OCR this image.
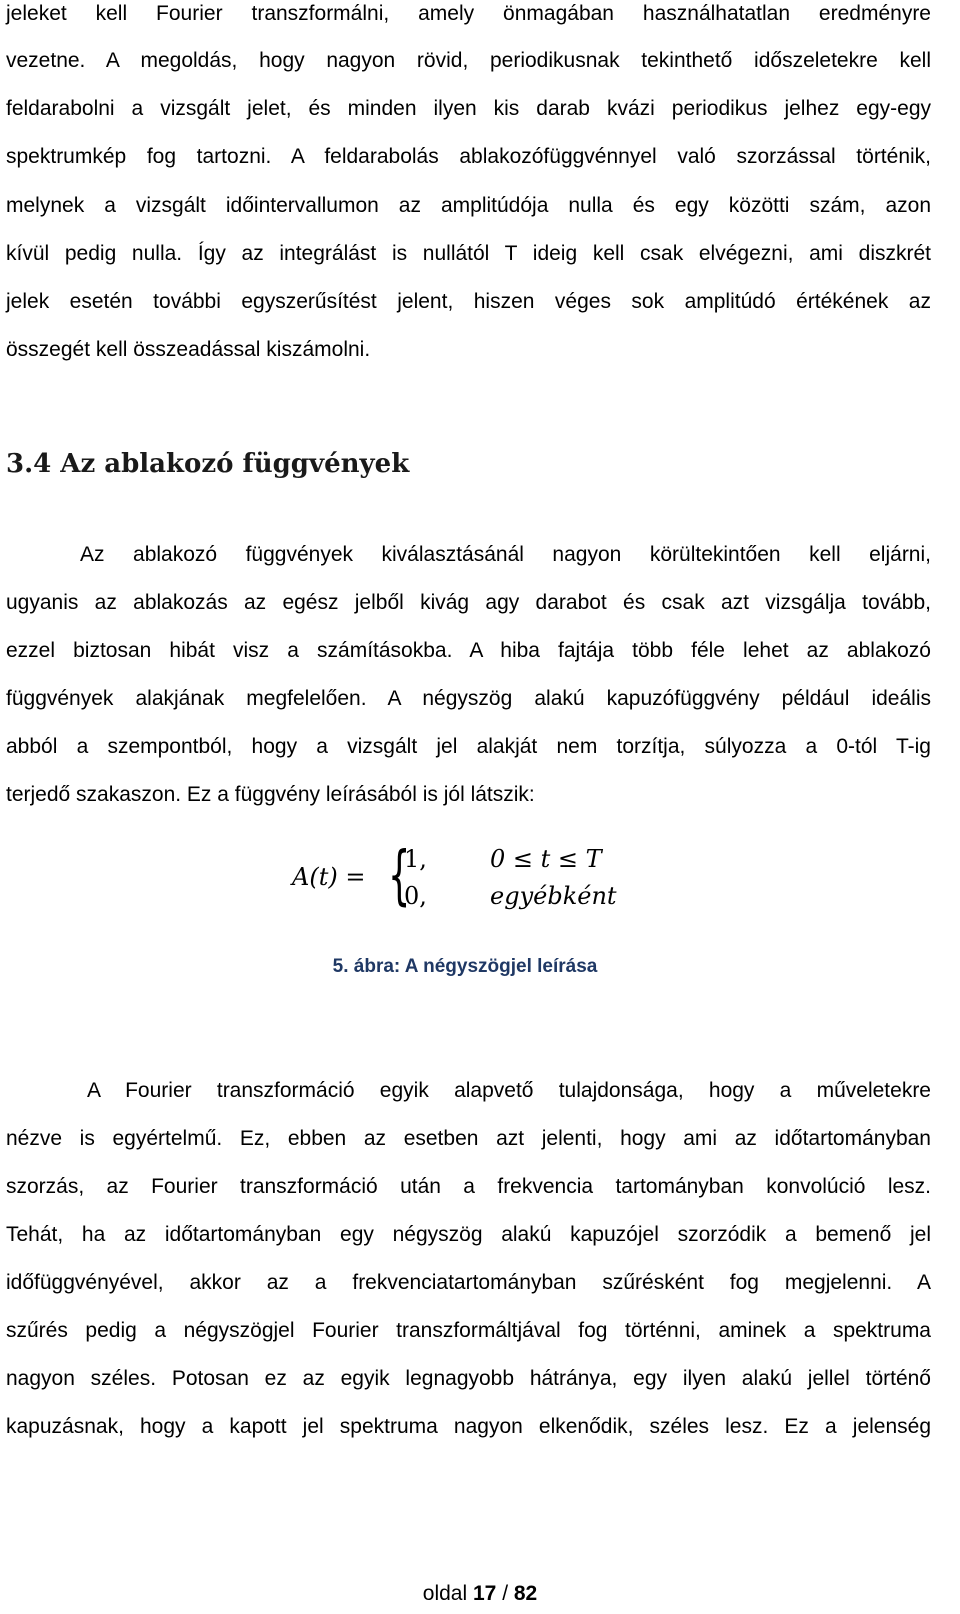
jeleket kell Fourier transzformálni, amely önmagában használhatatlan eredményre

vezetne. A megoldás, hogy nagyon rövid, periodikusnak tekinthető időszeletekre kell

feldarabolni a vizsgált jelet, és minden ilyen kis darab kvázi periodikus jelhez egy-egy

spektrumkép fog tartozni. A feldarabolás ablakozófüggvénnyel való szorzással történik,

melynek a vizsgált időintervallumon az amplitúdója nulla és egy közötti szám, azon

kívül pedig nulla. Így az integrálást is nullától T ideig kell csak elvégezni, ami diszkrét

jelek esetén további egyszerűsítést jelent, hiszen véges sok amplitúdó értékének az

összegét kell összeadással kiszámolni.

3.4 Az ablakozó függvények

Az ablakozó függvények kiválasztásánál nagyon körültekintően kell eljárni,

ugyanis az ablakozás az egész jelből kivág agy darabot és csak azt vizsgálja tovább,

ezzel biztosan hibát visz a számításokba. A hiba fajtája több féle lehet az ablakozó

függvények alakjának megfelelően. A négyszög alakú kapuzófüggvény például ideális

abból a szempontból, hogy a vizsgált jel alakját nem torzítja, súlyozza a 0-tól T-ig

terjedő szakaszon. Ez a függvény leírásából is jól látszik:

A(t) = {
1,	0 ≤ t ≤ T
0,	egyébként
5. ábra: A négyszögjel leírása

A Fourier transzformáció egyik alapvető tulajdonsága, hogy a műveletekre

nézve is egyértelmű. Ez, ebben az esetben azt jelenti, hogy ami az időtartományban

szorzás, az Fourier transzformáció után a frekvencia tartományban konvolúció lesz.

Tehát, ha az időtartományban egy négyszög alakú kapuzójel szorzódik a bemenő jel

időfüggvényével, akkor az a frekvenciatartományban szűrésként fog megjelenni. A

szűrés pedig a négyszögjel Fourier transzformáltjával fog történni, aminek a spektruma

nagyon széles. Potosan ez az egyik legnagyobb hátránya, egy ilyen alakú jellel történő

kapuzásnak, hogy a kapott jel spektruma nagyon elkenődik, széles lesz. Ez a jelenség

oldal 17 / 82
